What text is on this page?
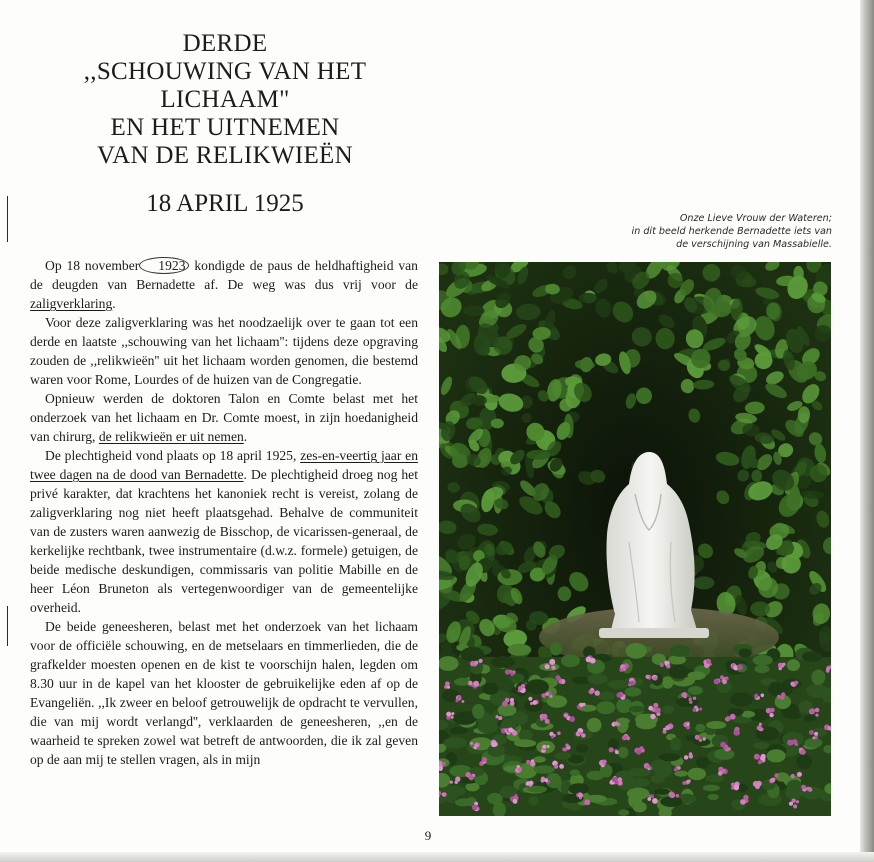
DERDE
,,SCHOUWING VAN HET
LICHAAM"
EN HET UITNEMEN
VAN DE RELIKWIEËN
18 APRIL 1925
Onze Lieve Vrouw der Wateren;
in dit beeld herkende Bernadette iets van
de verschijning van Massabielle.

Op 18 november 1923 kondigde de paus de heldhaftigheid van de deugden van Bernadette af. De weg was dus vrij voor de zaligverklaring.

Voor deze zaligverklaring was het noodzaelijk over te gaan tot een derde en laatste ,,schouwing van het lichaam'': tijdens deze opgraving zouden de ,,relikwieën'' uit het lichaam worden genomen, die bestemd waren voor Rome, Lourdes of de huizen van de Congregatie.

Opnieuw werden de doktoren Talon en Comte belast met het onderzoek van het lichaam en Dr. Comte moest, in zijn hoedanigheid van chirurg, de relikwieën er uit nemen.

De plechtigheid vond plaats op 18 april 1925, zes-en-veertig jaar en twee dagen na de dood van Bernadette. De plechtigheid droeg nog het privé karakter, dat krachtens het kanoniek recht is vereist, zolang de zaligverklaring nog niet heeft plaatsgehad. Behalve de communiteit van de zusters waren aanwezig de Bisschop, de vicarissen-generaal, de kerkelijke rechtbank, twee instrumentaire (d.w.z. formele) getuigen, de beide medische deskundigen, commissaris van politie Mabille en de heer Léon Bruneton als vertegenwoordiger van de gemeentelijke overheid.

De beide geneesheren, belast met het onderzoek van het lichaam voor de officiële schouwing, en de metselaars en timmerlieden, die de grafkelder moesten openen en de kist te voorschijn halen, legden om 8.30 uur in de kapel van het klooster de gebruikelijke eden af op de Evangeliën. ,,Ik zweer en beloof getrouwelijk de opdracht te vervullen, die van mij wordt verlangd'', verklaarden de geneesheren, ,,en de waarheid te spreken zowel wat betreft de antwoorden, die ik zal geven op de aan mij te stellen vragen, als in mijn

9
